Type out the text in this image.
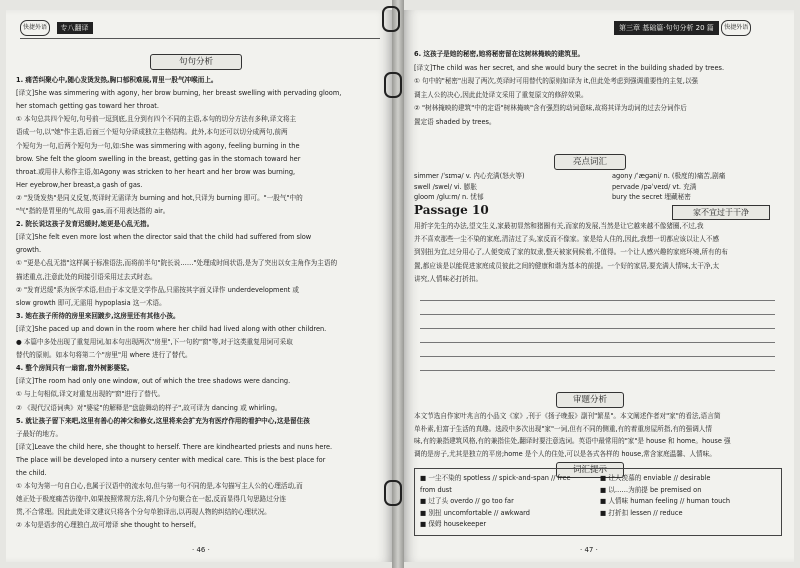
快捷外语 专八翻译
句句分析
1. 痛苦纠聚心中,随心发烫发热,胸口郁积难展,胃里一股气冲喉而上。
[译文]She was simmering with agony, her brow burning, her breast swelling with pervading gloom,
her stomach getting gas toward her throat.
① 本句总共四个短句,句号前一逗到底,且分到有四个不同的主语,本句的切分方法有多种,译文将主
语成一句,以"她"作主语,后面三个短句分译成独立主格结构。此外,本句还可以切分成两句,前两
个短句为一句,后两个短句为一句,如:She was simmering with agony, feeling burning in the
brow. She felt the gloom swelling in the breast, getting gas in the stomach toward her
throat.或用非人称作主语,如Agony was stricken to her heart and her brow was burning,
Her eyebrow,her breast,a gash of gas.
② "发烫发热"是同义反复,英译时无需译为 burning and hot,只译为 burning 即可。"一股气"中的
"气"指的是胃里的气,故用 gas,而不用表达指的 air。
2. 院长说这孩子发育迟缓时,她更是心乱无措。
[译文]She felt even more lost when the director said that the child had suffered from slow
growth.
① "更是心乱无措"这样属于标准语法,而将前半句"院长说……"处理成时间状语,是为了突出以女主角作为主语的
描述重点,注意此处的间接引语采用过去式时态。
② "发育迟缓"系为医学术语,但由于本文是文学作品,只需按其字面义译作 underdevelopment 或
slow growth 即可,无需用 hypoplasia 这一术语。
3. 她在孩子所待的房里来回踱步,这房里还有其他小孩。
[译文]She paced up and down in the room where her child had lived along with other children.
● 本篇中多处出现了重复用词,如本句出现两次"房里",下一句的"窗"等,对于这类重复用词可采取
替代的原则。如本句将第二个"房里"用 where 进行了替代。
4. 整个房间只有一扇窗,窗外树影婆娑。
[译文]The room had only one window, out of which the tree shadows were dancing.
① 与上句相似,译文对重复出现的"窗"进行了替代。
② 《现代汉语词典》对"婆娑"的解释是"盘旋舞动的样子",故可译为 dancing 或 whirling。
5. 就让孩子留下来吧,这里有善心的神父和修女,这里将来会扩充为有医疗作用的看护中心,这是留住孩
子最好的地方。
[译文]Leave the child here, she thought to herself. There are kindhearted priests and nuns here.
The place will be developed into a nursery center with medical care. This is the best place for
the child.
① 本句为第一句自白心,也属于汉语中的流水句,但与第一句不同的是,本句描写主人公的心理活动,而
她正处于极度痛苦彷徨中,如果按照常规方法,将几个分句聚合在一起,反而显得几句思路过分连
贯,不合常理。因此此处译文建议只将各个分句单独译出,以再现人物的纠结的心理状况。
② 本句是语步的心理独白,故可增译 she thought to herself。
· 46 ·
第三章 基础篇·句句分析 20 篇 快捷外语
6. 这孩子是她的秘密,她将秘密留在这树林掩映的建筑里。
[译文]The child was her secret, and she would bury the secret in the building shaded by trees.
① 句中的"秘密"出现了两次,英译时可用替代的原则如译为 it,但此处考虑到强调重要性的主复,以强
调主人公的决心,因此此处译文采用了重复原文的修辞效果。
② "树林掩映的建筑"中的定语"树林掩映"含有强烈的动词意味,故将其译为动词的过去分词作后
置定语 shaded by trees。
亮点词汇
simmer /ˈsɪmə/ v. 内心充满(怒火等)
swell /swel/ vi. 膨胀
gloom /ɡluːm/ n. 忧郁
agony /ˈæɡəni/ n. (极度的)痛苦,剧痛
pervade /pəˈveɪd/ vt. 充满
bury the secret 埋藏秘密
Passage 10	家不宜过于干净
用折字先生的办法,望文生义,家最初显然和猪圈有关,而家的发展,当然是让它越来越不像猪圈,不过,我
并不喜欢那些一尘不染的家庭,清洁过了头,家反而不像家。家是给人住的,因此,我想一切都应该以让人不感
到别扭为宜,过分用心了,人便变成了家的奴隶,整天被家伺候着,不值得。一个让人感兴趣的家庭环境,所有的布
置,都应该是以能促进家庭成员彼此之间的健康和谐为基本的前提。一个好的家居,要充满人情味,太干净,太
讲究,人情味必打折扣。
审题分析
本文节选自作家叶兆言的小品文《家》,刊于《扬子晚报》副刊"繁星"。本文阐述作者对"家"的看法,语言简
单朴素,但富于生活的真趣。选段中多次出现"家"一词,但有不同的侧重,有的着重房屋所指,有的强调人情
味,有的兼指建筑风格,有的兼指住处,翻译时要注意选词。英语中最常用的"家"是 house 和 home。house 强
调的是房子,尤其是独立的平房;home 是个人的住处,可以是各式各样的 house,常含家庭温馨、人情味。
词汇提示
■ 一尘不染的 spotless // spick-and-span // free
from dust
■ 过了头 overdo // go too far
■ 别扭 uncomfortable // awkward
■ 保姆 housekeeper
■ 让人羡慕的 enviable // desirable
■ 以……为前提 be premised on
■ 人情味 human feeling // human touch
■ 打折扣 lessen // reduce
· 47 ·
